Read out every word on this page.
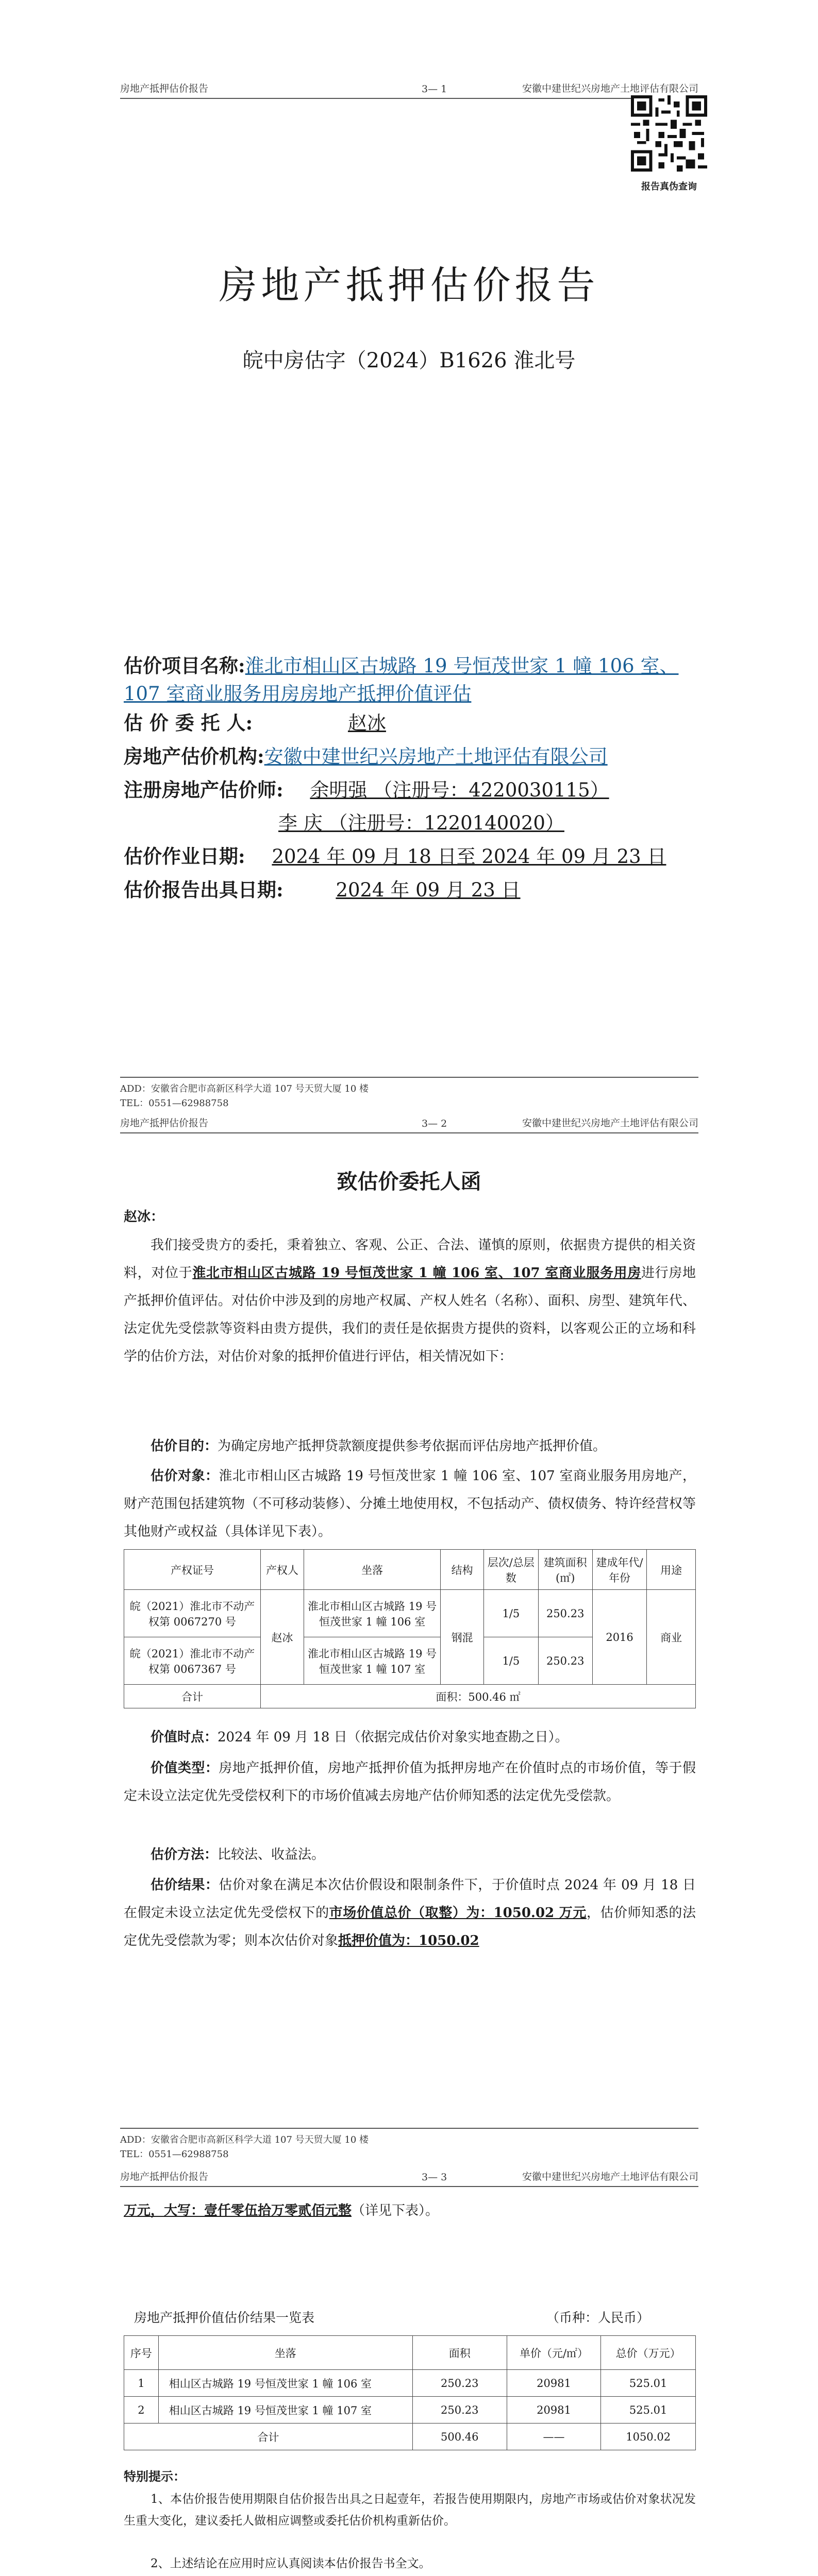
房地产抵押估价报告	3— 1	安徽中建世纪兴房地产土地评估有限公司
报告真伪查询
房地产抵押估价报告
皖中房估字（2024）B1626 淮北号
估价项目名称:淮北市相山区古城路 19 号恒茂世家 1 幢 106 室、107 室商业服务用房房地产抵押价值评估
估 价 委 托 人:	赵冰
房地产估价机构:安徽中建世纪兴房地产土地评估有限公司
注册房地产估价师: 余明强 （注册号：4220030115）
李 庆 （注册号：1220140020）
估价作业日期: 2024 年 09 月 18 日至 2024 年 09 月 23 日
估价报告出具日期:	2024 年 09 月 23 日
ADD：安徽省合肥市高新区科学大道 107 号天贸大厦 10 楼
TEL：0551—62988758
房地产抵押估价报告	3— 2	安徽中建世纪兴房地产土地评估有限公司
致估价委托人函
赵冰：
我们接受贵方的委托，秉着独立、客观、公正、合法、谨慎的原则，依据贵方提供的相关资料，对位于淮北市相山区古城路 19 号恒茂世家 1 幢 106 室、107 室商业服务用房进行房地产抵押价值评估。对估价中涉及到的房地产权属、产权人姓名（名称）、面积、房型、建筑年代、法定优先受偿款等资料由贵方提供，我们的责任是依据贵方提供的资料，以客观公正的立场和科学的估价方法，对估价对象的抵押价值进行评估，相关情况如下：
估价目的：为确定房地产抵押贷款额度提供参考依据而评估房地产抵押价值。
估价对象：淮北市相山区古城路 19 号恒茂世家 1 幢 106 室、107 室商业服务用房地产，财产范围包括建筑物（不可移动装修）、分摊土地使用权，不包括动产、债权债务、特许经营权等其他财产或权益（具体详见下表）。
产权证号	产权人	坐落	结构	层次/总层数	建筑面积(㎡)	建成年代/年份	用途
皖（2021）淮北市不动产权第 0067270 号	赵冰	淮北市相山区古城路 19 号恒茂世家 1 幢 106 室	钢混	1/5	250.23	2016	商业
皖（2021）淮北市不动产权第 0067367 号		淮北市相山区古城路 19 号恒茂世家 1 幢 107 室		1/5	250.23		
合计	面积：500.46 ㎡						
价值时点：2024 年 09 月 18 日（依据完成估价对象实地查勘之日）。
价值类型：房地产抵押价值，房地产抵押价值为抵押房地产在价值时点的市场价值，等于假定未设立法定优先受偿权利下的市场价值减去房地产估价师知悉的法定优先受偿款。
估价方法：比较法、收益法。
估价结果：估价对象在满足本次估价假设和限制条件下，于价值时点 2024 年 09 月 18 日在假定未设立法定优先受偿权下的市场价值总价（取整）为：1050.02 万元，估价师知悉的法定优先受偿款为零；则本次估价对象抵押价值为：1050.02
ADD：安徽省合肥市高新区科学大道 107 号天贸大厦 10 楼
TEL：0551—62988758
房地产抵押估价报告	3— 3	安徽中建世纪兴房地产土地评估有限公司
万元，大写：壹仟零伍拾万零贰佰元整（详见下表）。
房地产抵押价值估价结果一览表	（币种：人民币）
序号	坐落	面积	单价（元/㎡）	总价（万元）
1	相山区古城路 19 号恒茂世家 1 幢 106 室	250.23	20981	525.01
2	相山区古城路 19 号恒茂世家 1 幢 107 室	250.23	20981	525.01
合计		500.46	——	1050.02
特别提示：
1、本估价报告使用期限自估价报告出具之日起壹年，若报告使用期限内，房地产市场或估价对象状况发生重大变化，建议委托人做相应调整或委托估价机构重新估价。
2、上述结论在应用时应认真阅读本估价报告书全文。
